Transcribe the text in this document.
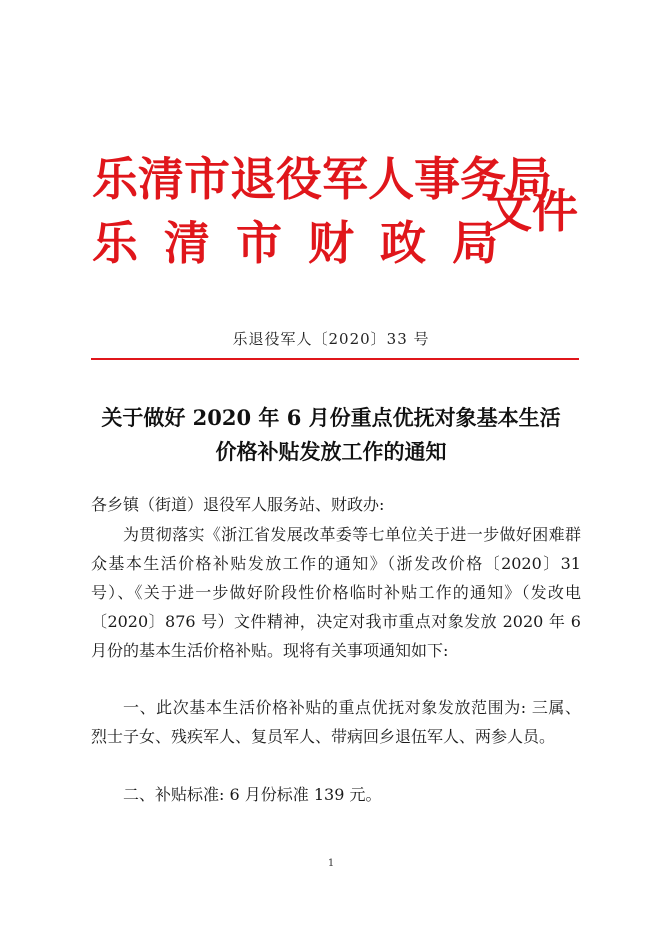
乐清市退役军人事务局
乐清市财政局
文件
乐退役军人〔2020〕33 号
关于做好 2020 年 6 月份重点优抚对象基本生活
价格补贴发放工作的通知
各乡镇（街道）退役军人服务站、财政办:
为贯彻落实《浙江省发展改革委等七单位关于进一步做好困难群众基本生活价格补贴发放工作的通知》（浙发改价格〔2020〕31 号）、《关于进一步做好阶段性价格临时补贴工作的通知》（发改电〔2020〕876 号）文件精神，决定对我市重点对象发放 2020 年 6 月份的基本生活价格补贴。现将有关事项通知如下:
一、此次基本生活价格补贴的重点优抚对象发放范围为: 三属、烈士子女、残疾军人、复员军人、带病回乡退伍军人、两参人员。
二、补贴标准: 6 月份标准 139 元。
1
